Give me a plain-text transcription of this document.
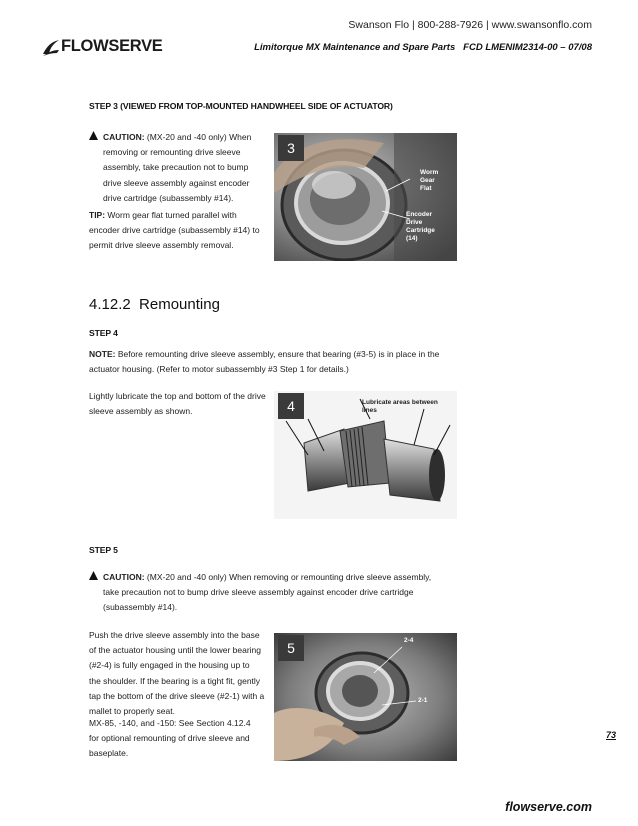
Swanson Flo | 800-288-7926 | www.swansonflo.com
FLOWSERVE	Limitorque MX Maintenance and Spare Parts   FCD LMENIM2314-00 – 07/08
STEP 3 (VIEWED FROM TOP-MOUNTED HANDWHEEL SIDE OF ACTUATOR)
CAUTION: (MX-20 and -40 only) When
removing or remounting drive sleeve
assembly, take precaution not to bump
drive sleeve assembly against encoder
drive cartridge (subassembly #14).
TIP: Worm gear flat turned parallel with
encoder drive cartridge (subassembly #14) to
permit drive sleeve assembly removal.
3
Worm
Gear
Flat
Encoder
Drive
Cartridge
(14)
4.12.2  Remounting
STEP 4
NOTE: Before remounting drive sleeve assembly, ensure that bearing (#3-5) is in place in the
actuator housing. (Refer to motor subassembly #3 Step 1 for details.)
Lightly lubricate the top and bottom of the drive
sleeve assembly as shown.	4	Lubricate areas between
lines
STEP 5
CAUTION: (MX-20 and -40 only) When removing or remounting drive sleeve assembly,
take precaution not to bump drive sleeve assembly against encoder drive cartridge
(subassembly #14).
Push the drive sleeve assembly into the base
of the actuator housing until the lower bearing
(#2-4) is fully engaged in the housing up to
the shoulder. If the bearing is a tight fit, gently
tap the bottom of the drive sleeve (#2-1) with a
mallet to properly seat.
MX-85, -140, and -150: See Section 4.12.4
for optional remounting of drive sleeve and
baseplate.
5	2-4
2-1
73
flowserve.com
